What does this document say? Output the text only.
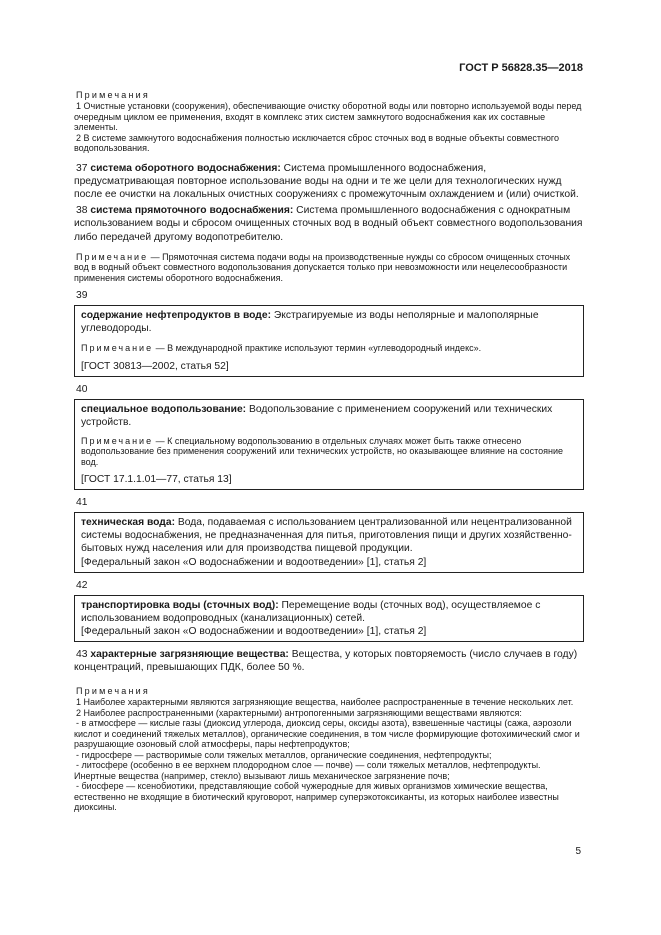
ГОСТ Р 56828.35—2018

Примечания

1 Очистные установки (сооружения), обеспечивающие очистку оборотной воды или повторно используемой воды перед очередным циклом ее применения, входят в комплекс этих систем замкнутого водоснабжения как их составные элементы.

2 В системе замкнутого водоснабжения полностью исключается сброс сточных вод в водные объекты совместного водопользования.

37 система оборотного водоснабжения: Система промышленного водоснабжения, предусматривающая повторное использование воды на одни и те же цели для технологических нужд после ее очистки на локальных очистных сооружениях с промежуточным охлаждением и (или) очисткой.

38 система прямоточного водоснабжения: Система промышленного водоснабжения с однократным использованием воды и сбросом очищенных сточных вод в водный объект совместного водопользования либо передачей другому водопотребителю.

Примечание — Прямоточная система подачи воды на производственные нужды со сбросом очищенных сточных вод в водный объект совместного водопользования допускается только при невозможности или нецелесообразности применения системы оборотного водоснабжения.

39

содержание нефтепродуктов в воде: Экстрагируемые из воды неполярные и малополярные углеводороды.

Примечание — В международной практике используют термин «углеводородный индекс».

[ГОСТ 30813—2002, статья 52]

40

специальное водопользование: Водопользование с применением сооружений или технических устройств.

Примечание — К специальному водопользованию в отдельных случаях может быть также отнесено водопользование без применения сооружений или технических устройств, но оказывающее влияние на состояние вод.

[ГОСТ 17.1.1.01—77, статья 13]

41

техническая вода: Вода, подаваемая с использованием централизованной или нецентрализованной системы водоснабжения, не предназначенная для питья, приготовления пищи и других хозяйственно-бытовых нужд населения или для производства пищевой продукции.

[Федеральный закон «О водоснабжении и водоотведении» [1], статья 2]

42

транспортировка воды (сточных вод): Перемещение воды (сточных вод), осуществляемое с использованием водопроводных (канализационных) сетей.

[Федеральный закон «О водоснабжении и водоотведении» [1], статья 2]

43 характерные загрязняющие вещества: Вещества, у которых повторяемость (число случаев в году) концентраций, превышающих ПДК, более 50 %.

Примечания

1 Наиболее характерными являются загрязняющие вещества, наиболее распространенные в течение нескольких лет.

2 Наиболее распространенными (характерными) антропогенными загрязняющими веществами являются:

- в атмосфере — кислые газы (диоксид углерода, диоксид серы, оксиды азота), взвешенные частицы (сажа, аэрозоли кислот и соединений тяжелых металлов), органические соединения, в том числе формирующие фотохимический смог и разрушающие озоновый слой атмосферы, пары нефтепродуктов;

- гидросфере — растворимые соли тяжелых металлов, органические соединения, нефтепродукты;

- литосфере (особенно в ее верхнем плодородном слое — почве) — соли тяжелых металлов, нефтепродукты. Инертные вещества (например, стекло) вызывают лишь механическое загрязнение почв;

- биосфере — ксенобиотики, представляющие собой чужеродные для живых организмов химические вещества, естественно не входящие в биотический круговорот, например суперэкотоксиканты, из которых наиболее известны диоксины.

5
